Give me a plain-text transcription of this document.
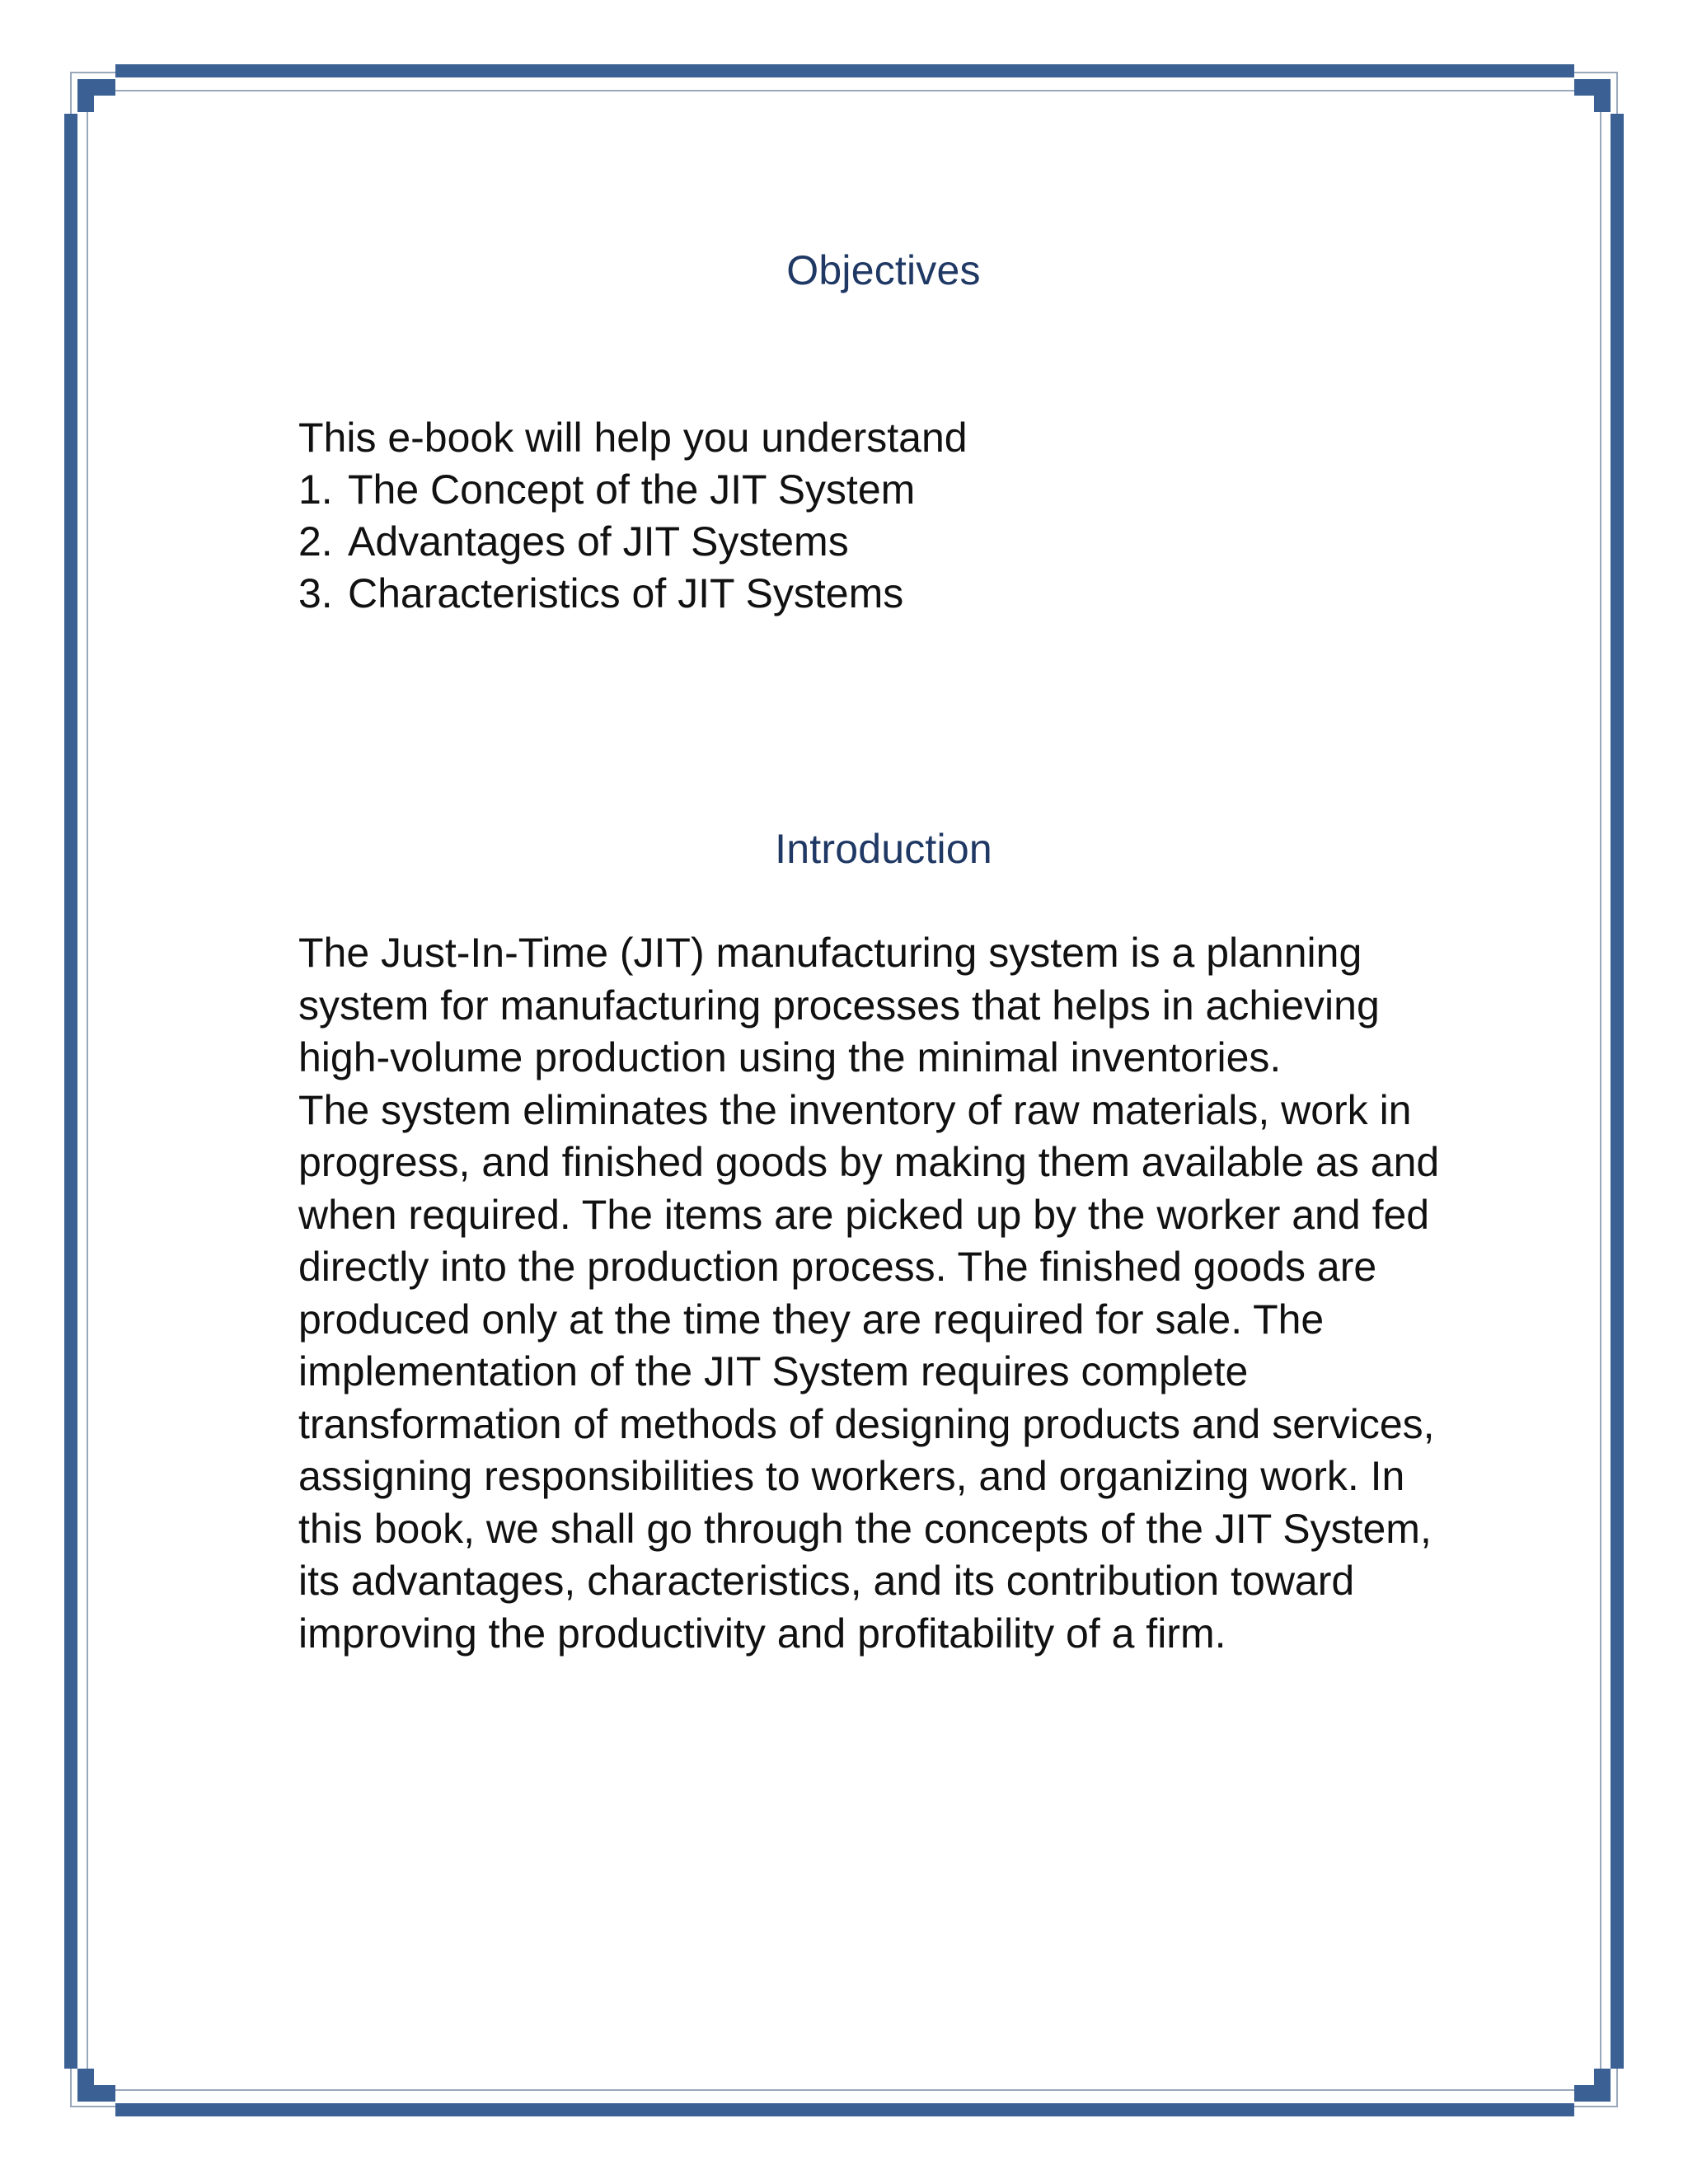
Objectives

This e-book will help you understand

1. The Concept of the JIT System
2. Advantages of JIT Systems
3. Characteristics of JIT Systems
Introduction

The Just-In-Time (JIT) manufacturing system is a planning
system for manufacturing processes that helps in achieving
high-volume production using the minimal inventories.
The system eliminates the inventory of raw materials, work in
progress, and finished goods by making them available as and
when required. The items are picked up by the worker and fed
directly into the production process. The finished goods are
produced only at the time they are required for sale. The
implementation of the JIT System requires complete
transformation of methods of designing products and services,
assigning responsibilities to workers, and organizing work. In
this book, we shall go through the concepts of the JIT System,
its advantages, characteristics, and its contribution toward
improving the productivity and profitability of a firm.
